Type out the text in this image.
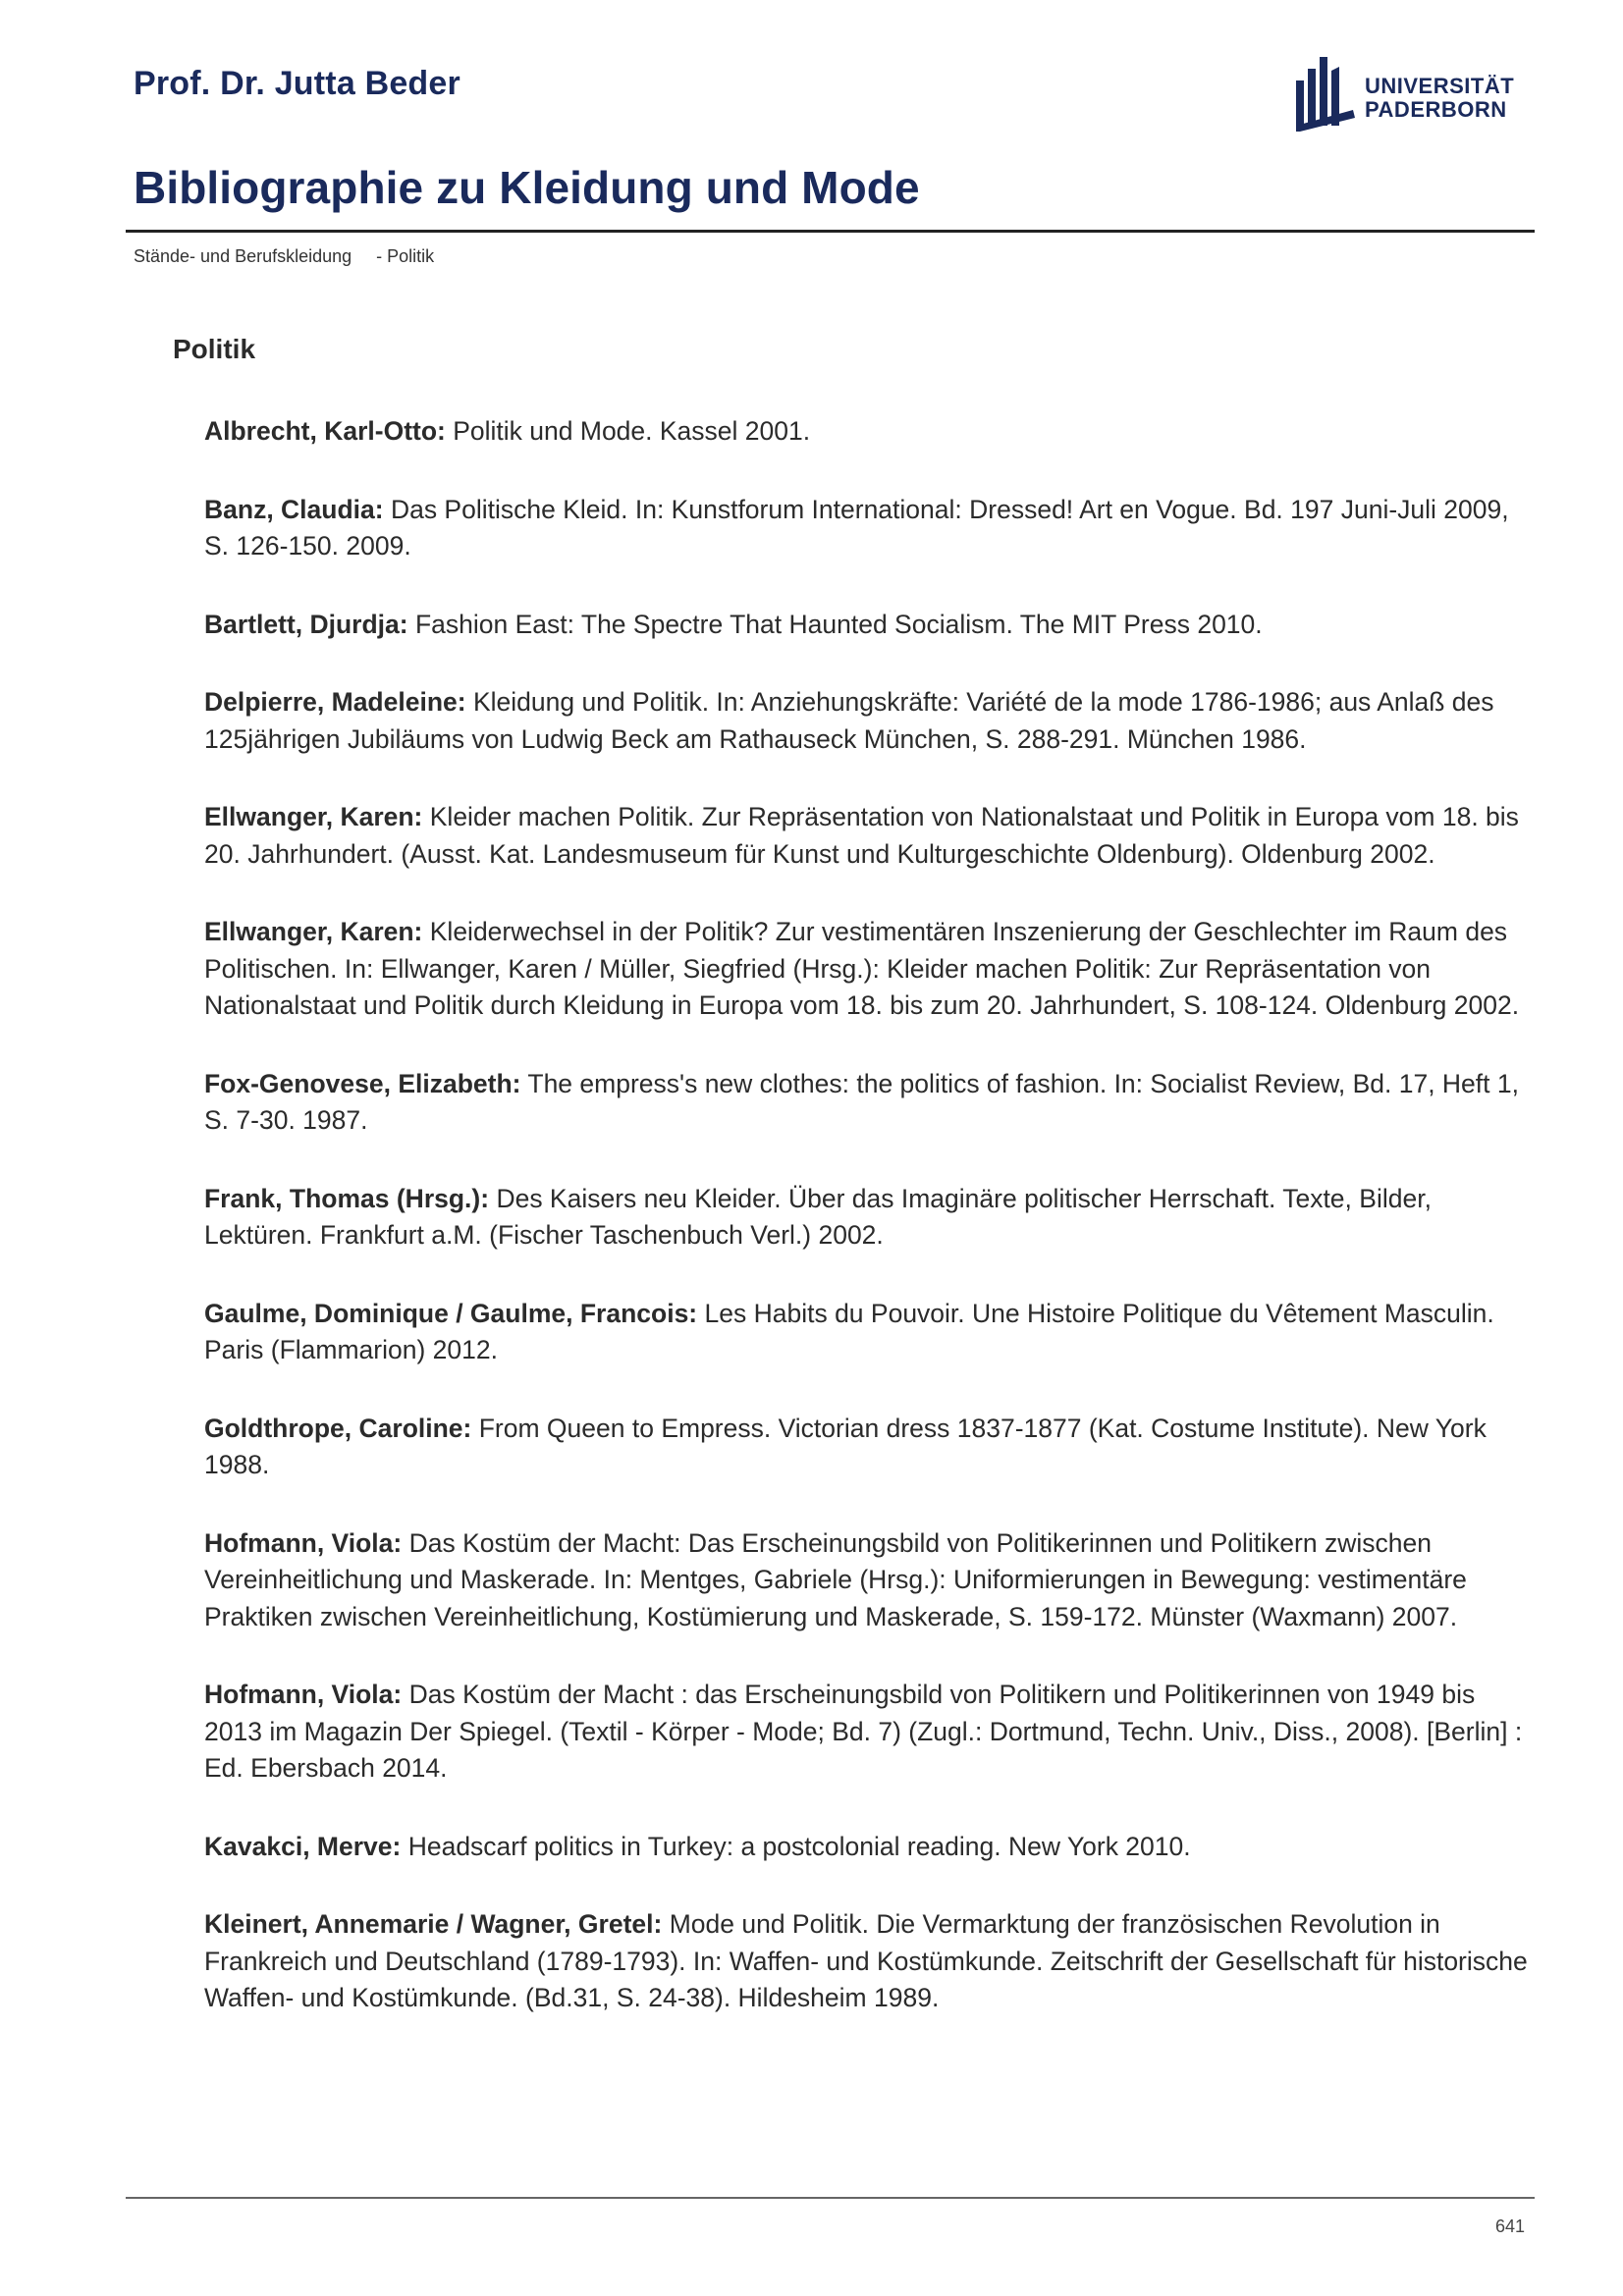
Prof. Dr. Jutta Beder	UNIVERSITÄT
PADERBORN
Bibliographie zu Kleidung und Mode
Stände- und Berufskleidung     - Politik
Politik

Albrecht, Karl-Otto: Politik und Mode. Kassel 2001.

Banz, Claudia: Das Politische Kleid. In: Kunstforum International: Dressed! Art en Vogue. Bd. 197 Juni-Juli 2009, S. 126-150. 2009.

Bartlett, Djurdja: Fashion East: The Spectre That Haunted Socialism. The MIT Press 2010.

Delpierre, Madeleine: Kleidung und Politik. In: Anziehungskräfte: Variété de la mode 1786-1986; aus Anlaß des 125jährigen Jubiläums von Ludwig Beck am Rathauseck München, S. 288-291. München 1986.

Ellwanger, Karen: Kleider machen Politik. Zur Repräsentation von Nationalstaat und Politik in Europa vom 18. bis 20. Jahrhundert. (Ausst. Kat. Landesmuseum für Kunst und Kulturgeschichte Oldenburg). Oldenburg 2002.

Ellwanger, Karen: Kleiderwechsel in der Politik? Zur vestimentären Inszenierung der Geschlechter im Raum des Politischen. In: Ellwanger, Karen / Müller, Siegfried (Hrsg.): Kleider machen Politik: Zur Repräsentation von Nationalstaat und Politik durch Kleidung in Europa vom 18. bis zum 20. Jahrhundert, S. 108-124. Oldenburg 2002.

Fox-Genovese, Elizabeth: The empress's new clothes: the politics of fashion. In: Socialist Review, Bd. 17, Heft 1, S. 7-30. 1987.

Frank, Thomas (Hrsg.): Des Kaisers neu Kleider. Über das Imaginäre politischer Herrschaft. Texte, Bilder, Lektüren. Frankfurt a.M. (Fischer Taschenbuch Verl.) 2002.

Gaulme, Dominique / Gaulme, Francois: Les Habits du Pouvoir. Une Histoire Politique du Vêtement Masculin. Paris (Flammarion) 2012.

Goldthrope, Caroline: From Queen to Empress. Victorian dress 1837-1877 (Kat. Costume Institute). New York 1988.

Hofmann, Viola: Das Kostüm der Macht: Das Erscheinungsbild von Politikerinnen und Politikern zwischen Vereinheitlichung und Maskerade. In: Mentges, Gabriele (Hrsg.): Uniformierungen in Bewegung: vestimentäre Praktiken zwischen Vereinheitlichung, Kostümierung und Maskerade, S. 159-172. Münster (Waxmann) 2007.

Hofmann, Viola: Das Kostüm der Macht : das Erscheinungsbild von Politikern und Politikerinnen von 1949 bis 2013 im Magazin Der Spiegel. (Textil - Körper - Mode; Bd. 7) (Zugl.: Dortmund, Techn. Univ., Diss., 2008). [Berlin] : Ed. Ebersbach 2014.

Kavakci, Merve: Headscarf politics in Turkey: a postcolonial reading. New York 2010.

Kleinert, Annemarie / Wagner, Gretel: Mode und Politik. Die Vermarktung der französischen Revolution in Frankreich und Deutschland (1789-1793). In: Waffen- und Kostümkunde. Zeitschrift der Gesellschaft für historische Waffen- und Kostümkunde. (Bd.31, S. 24-38). Hildesheim 1989.

641
